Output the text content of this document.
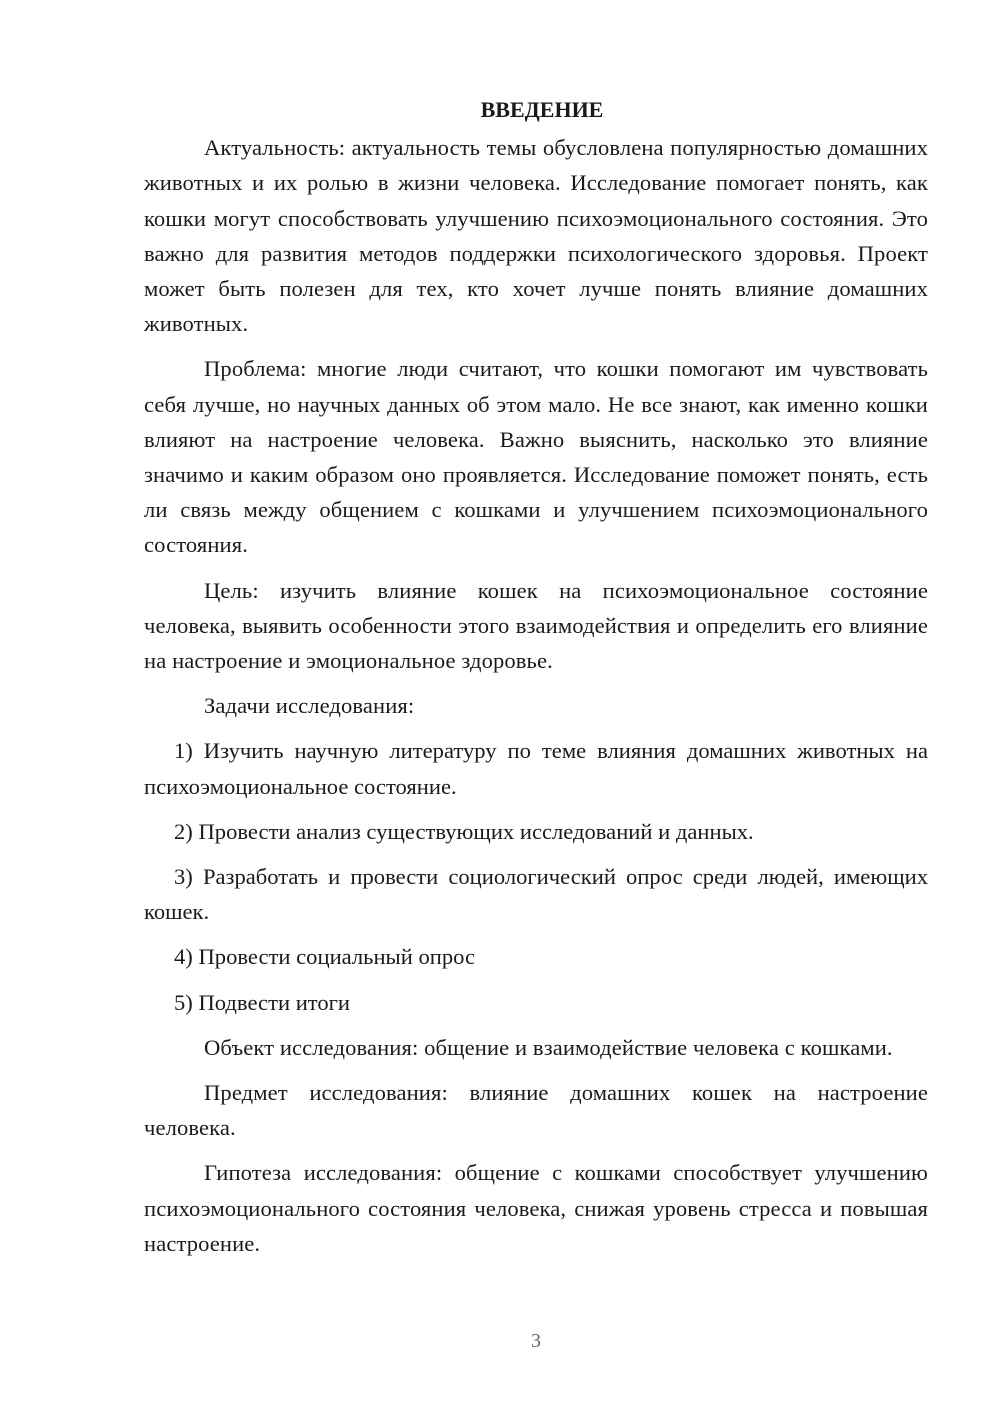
ВВЕДЕНИЕ

Актуальность: актуальность темы обусловлена популярностью домашних животных и их ролью в жизни человека. Исследование помогает понять, как кошки могут способствовать улучшению психоэмоционального состояния. Это важно для развития методов поддержки психологического здоровья. Проект может быть полезен для тех, кто хочет лучше понять влияние домашних животных.

Проблема: многие люди считают, что кошки помогают им чувствовать себя лучше, но научных данных об этом мало. Не все знают, как именно кошки влияют на настроение человека. Важно выяснить, насколько это влияние значимо и каким образом оно проявляется. Исследование поможет понять, есть ли связь между общением с кошками и улучшением психоэмоционального состояния.

Цель: изучить влияние кошек на психоэмоциональное состояние человека, выявить особенности этого взаимодействия и определить его влияние на настроение и эмоциональное здоровье.

Задачи исследования:

1) Изучить научную литературу по теме влияния домашних животных на психоэмоциональное состояние.

2) Провести анализ существующих исследований и данных.

3) Разработать и провести социологический опрос среди людей, имеющих кошек.

4) Провести социальный опрос

5) Подвести итоги

Объект исследования: общение и взаимодействие человека с кошками.

Предмет исследования: влияние домашних кошек на настроение человека.

Гипотеза исследования: общение с кошками способствует улучшению психоэмоционального состояния человека, снижая уровень стресса и повышая настроение.

3
